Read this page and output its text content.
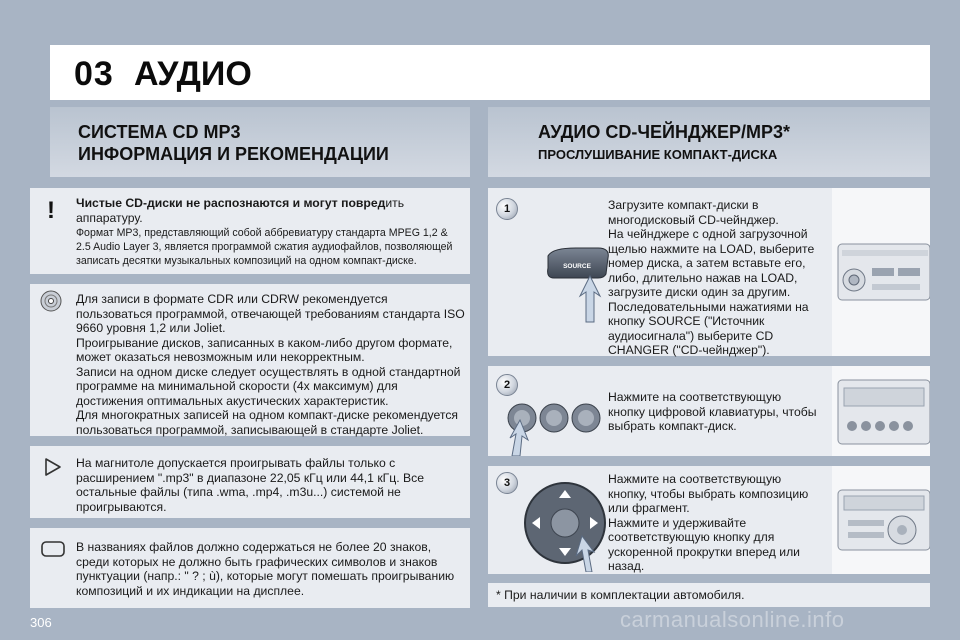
03 АУДИО
СИСТЕМА CD MP3
ИНФОРМАЦИЯ И РЕКОМЕНДАЦИИ
АУДИО CD-ЧЕЙНДЖЕР/MP3*
ПРОСЛУШИВАНИЕ КОМПАКТ-ДИСКА
! Чистые CD-диски не распознаются и могут повредить аппаратуру.
Формат MP3, представляющий собой аббревиатуру стандарта MPEG 1,2 & 2.5 Audio Layer 3, является программой сжатия аудиофайлов, позволяющей записать десятки музыкальных композиций на одном компакт-диске.
Для записи в формате CDR или CDRW рекомендуется пользоваться программой, отвечающей требованиям стандарта ISO 9660 уровня 1,2 или Joliet.
Проигрывание дисков, записанных в каком-либо другом формате, может оказаться невозможным или некорректным.
Записи на одном диске следует осуществлять в одной стандартной программе на минимальной скорости (4x максимум) для достижения оптимальных акустических характеристик.
Для многократных записей на одном компакт-диске рекомендуется пользоваться программой, записывающей в стандарте Joliet.
На магнитоле допускается проигрывать файлы только с расширением ".mp3" в диапазоне 22,05 кГц или 44,1 кГц. Все остальные файлы (типа .wma, .mp4, .m3u...) системой не проигрываются.
В названиях файлов должно содержаться не более 20 знаков, среди которых не должно быть графических символов и знаков пунктуации (напр.: " ? ; ù), которые могут помешать проигрыванию композиций и их индикации на дисплее.
1
SOURCE
Загрузите компакт-диски в многодисковый CD-чейнджер.
На чейнджере с одной загрузочной щелью нажмите на LOAD, выберите номер диска, а затем вставьте его, либо, длительно нажав на LOAD, загрузите диски один за другим.
Последовательными нажатиями на кнопку SOURCE ("Источник аудиосигнала") выберите CD CHANGER ("CD-чейнджер").
2
Нажмите на соответствующую кнопку цифровой клавиатуры, чтобы выбрать компакт-диск.
3	Нажмите на соответствующую кнопку, чтобы выбрать композицию или фрагмент.
Нажмите и удерживайте соответствующую кнопку для ускоренной прокрутки вперед или назад.
* При наличии в комплектации автомобиля.
306	carmanualsonline.info
